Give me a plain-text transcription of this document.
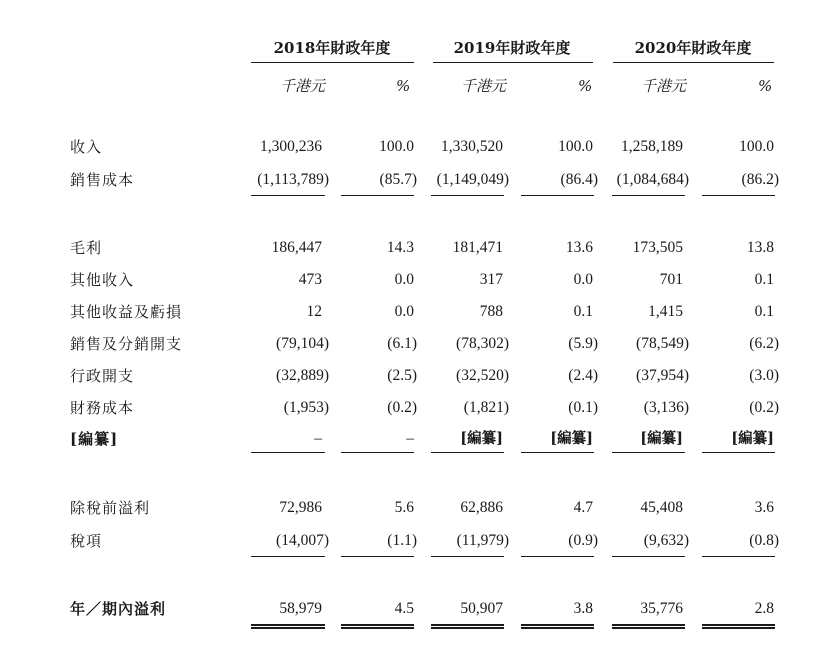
2018年財政年度	2019年財政年度	2020年財政年度
千港元	%	千港元	%	千港元	%
收入	1,300,236	100.0 1,330,520	100.0 1,258,189	100.0
銷售成本	(1,113,789)	(85.7) (1,149,049)	(86.4) (1,084,684)	(86.2)
毛利	186,447	14.3 181,471	13.6	173,505	13.8
其他收入	473	0.0	317	0.0	701	0.1
其他收益及虧損	12	0.0	788	0.1	1,415	0.1
銷售及分銷開支	(79,104)	(6.1)	(78,302)	(5.9) (78,549)	(6.2)
行政開支	(32,889)	(2.5)	(32,520)	(2.4) (37,954)	(3.0)
財務成本	(1,953)	(0.2)	(1,821)	(0.1)	(3,136)	(0.2)
[編纂]	–	–	[編纂]	[編纂]	[編纂]	[編纂]
除稅前溢利	72,986	5.6	62,886	4.7	45,408	3.6
稅項	(14,007)	(1.1)	(11,979)	(0.9)	(9,632)	(0.8)
年／期內溢利	58,979	4.5	50,907	3.8	35,776	2.8
